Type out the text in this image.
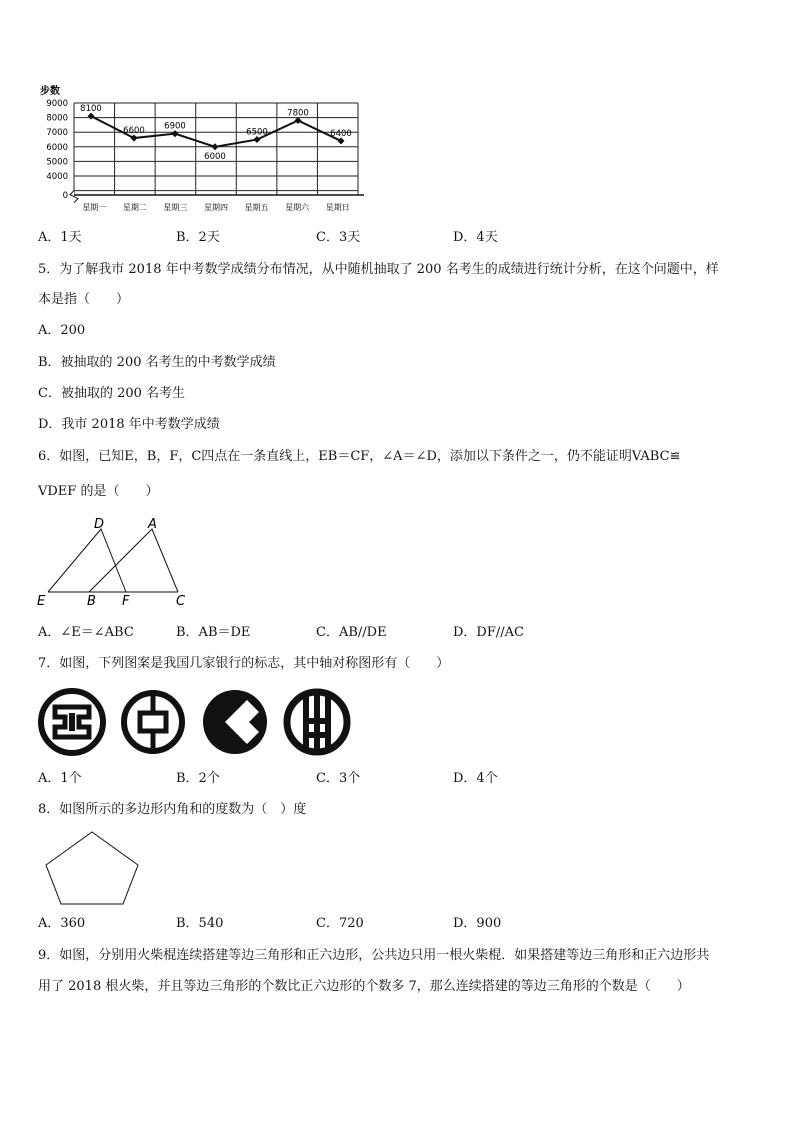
步数
9000
8000
7000
6000
5000
4000
0
星期一 星期二 星期三 星期四 星期五 星期六 星期日
8100
6600 6900
6000
6500
7800
6400
A．1天	B．2天	C．3天	D．4天
5．为了解我市 2018 年中考数学成绩分布情况，从中随机抽取了 200 名考生的成绩进行统计分析，在这个问题中，样
本是指（　　）
A．200
B．被抽取的 200 名考生的中考数学成绩
C．被抽取的 200 名考生
D．我市 2018 年中考数学成绩
6．如图，已知E，B，F，C四点在一条直线上，EB＝CF，∠A＝∠D，添加以下条件之一，仍不能证明VABC≌
VDEF 的是（　　）
D	A
E	B F	C
A．∠E＝∠ABC	B．AB＝DE	C．AB//DE	D．DF//AC
7．如图，下列图案是我国几家银行的标志，其中轴对称图形有（　　）
A．1个	B．2个	C．3个	D．4个
8．如图所示的多边形内角和的度数为（　）度
A．360	B．540	C．720	D．900
9．如图，分别用火柴棍连续搭建等边三角形和正六边形，公共边只用一根火柴棍．如果搭建等边三角形和正六边形共
用了 2018 根火柴，并且等边三角形的个数比正六边形的个数多 7，那么连续搭建的等边三角形的个数是（　　）
